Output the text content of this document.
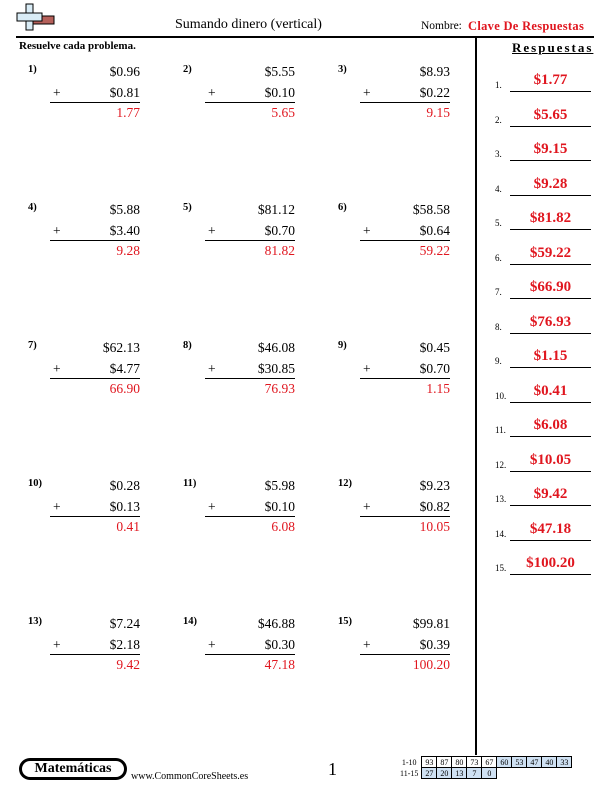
Sumando dinero (vertical)	Nombre: Clave De Respuestas
Resuelve cada problema.	Respuestas
1)	$0.96
+	$0.81
1.77
2)	$5.55
+	$0.10
5.65
3)	$8.93
+	$0.22
9.15
4)	$5.88
+	$3.40
9.28
5)	$81.12
+	$0.70
81.82
6)	$58.58
+	$0.64
59.22
7)	$62.13
+	$4.77
66.90
8)	$46.08
+	$30.85
76.93
9)	$0.45
+	$0.70
1.15
10)	$0.28
+	$0.13
0.41
11)	$5.98
+	$0.10
6.08
12)	$9.23
+	$0.82
10.05
13)	$7.24
+	$2.18
9.42
14)	$46.88
+	$0.30
47.18
15)	$99.81
+	$0.39
100.20
1.	$1.77
2.	$5.65
3.	$9.15
4.	$9.28
5.	$81.82
6.	$59.22
7.	$66.90
8.	$76.93
9.	$1.15
10.	$0.41
11.	$6.08
12.	$10.05
13.	$9.42
14.	$47.18
15.	$100.20
Matemáticas
www.CommonCoreSheets.es	1	1-10	93	87	80	73	67	60	53	47	40	33
11-15	27	20	13	7	0					
